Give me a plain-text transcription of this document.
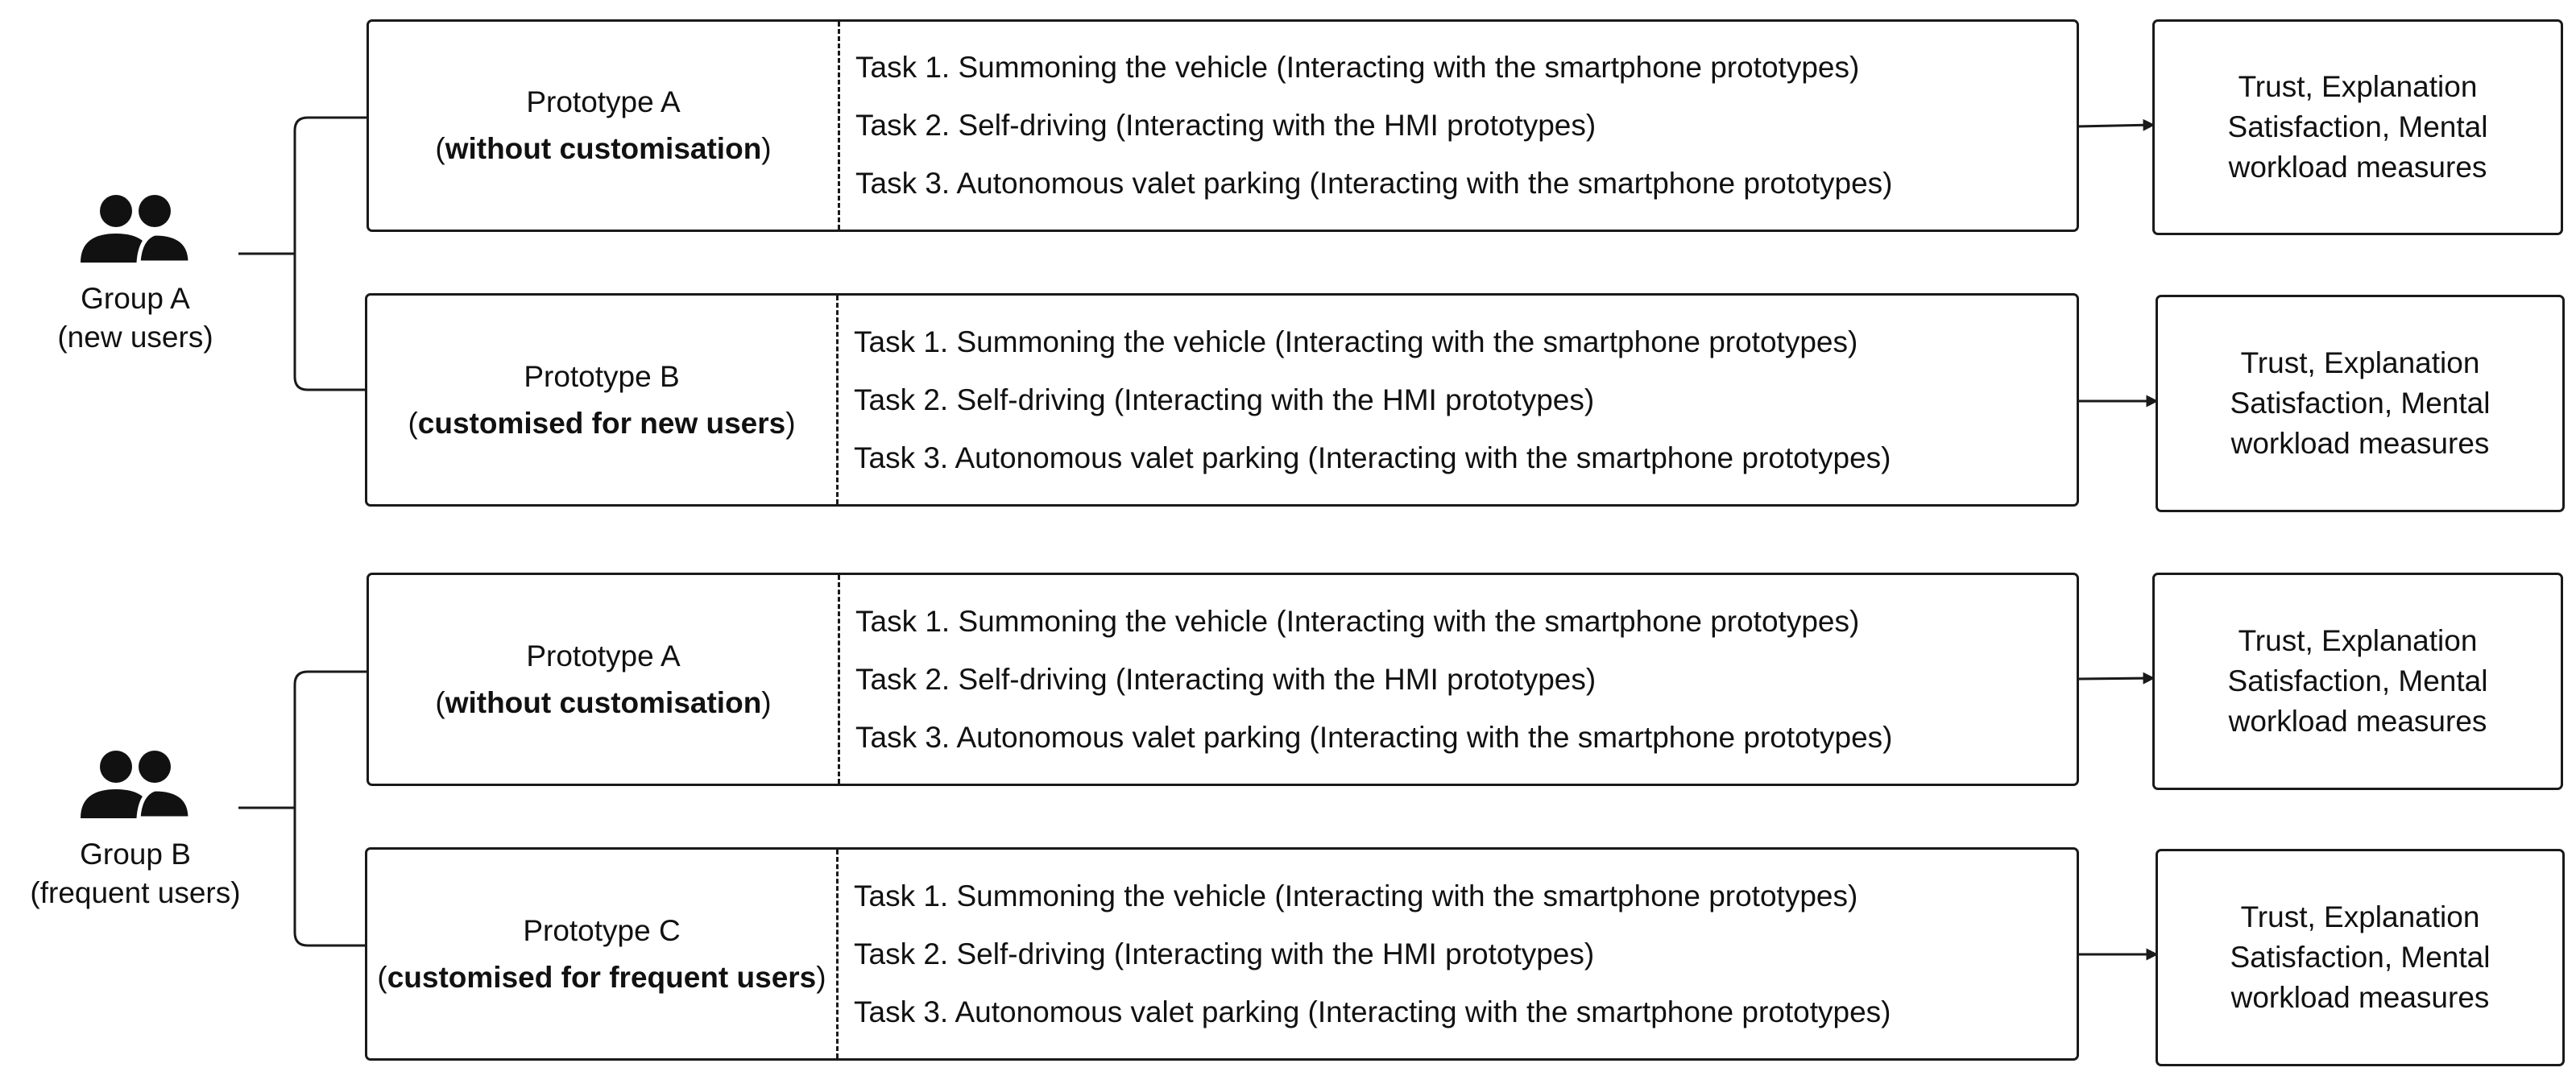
Group A
(new users)
Prototype A
(without customisation)
Task 1. Summoning the vehicle (Interacting with the smartphone prototypes)
Task 2. Self-driving (Interacting with the HMI prototypes)
Task 3. Autonomous valet parking (Interacting with the smartphone prototypes)
Trust, Explanation
Satisfaction, Mental
workload measures
Prototype B
(customised for new users)
Task 1. Summoning the vehicle (Interacting with the smartphone prototypes)
Task 2. Self-driving (Interacting with the HMI prototypes)
Task 3. Autonomous valet parking (Interacting with the smartphone prototypes)
Trust, Explanation
Satisfaction, Mental
workload measures
Group B
(frequent users)
Prototype A
(without customisation)
Task 1. Summoning the vehicle (Interacting with the smartphone prototypes)
Task 2. Self-driving (Interacting with the HMI prototypes)
Task 3. Autonomous valet parking (Interacting with the smartphone prototypes)
Trust, Explanation
Satisfaction, Mental
workload measures
Prototype C
(customised for frequent users)
Task 1. Summoning the vehicle (Interacting with the smartphone prototypes)
Task 2. Self-driving (Interacting with the HMI prototypes)
Task 3. Autonomous valet parking (Interacting with the smartphone prototypes)
Trust, Explanation
Satisfaction, Mental
workload measures
